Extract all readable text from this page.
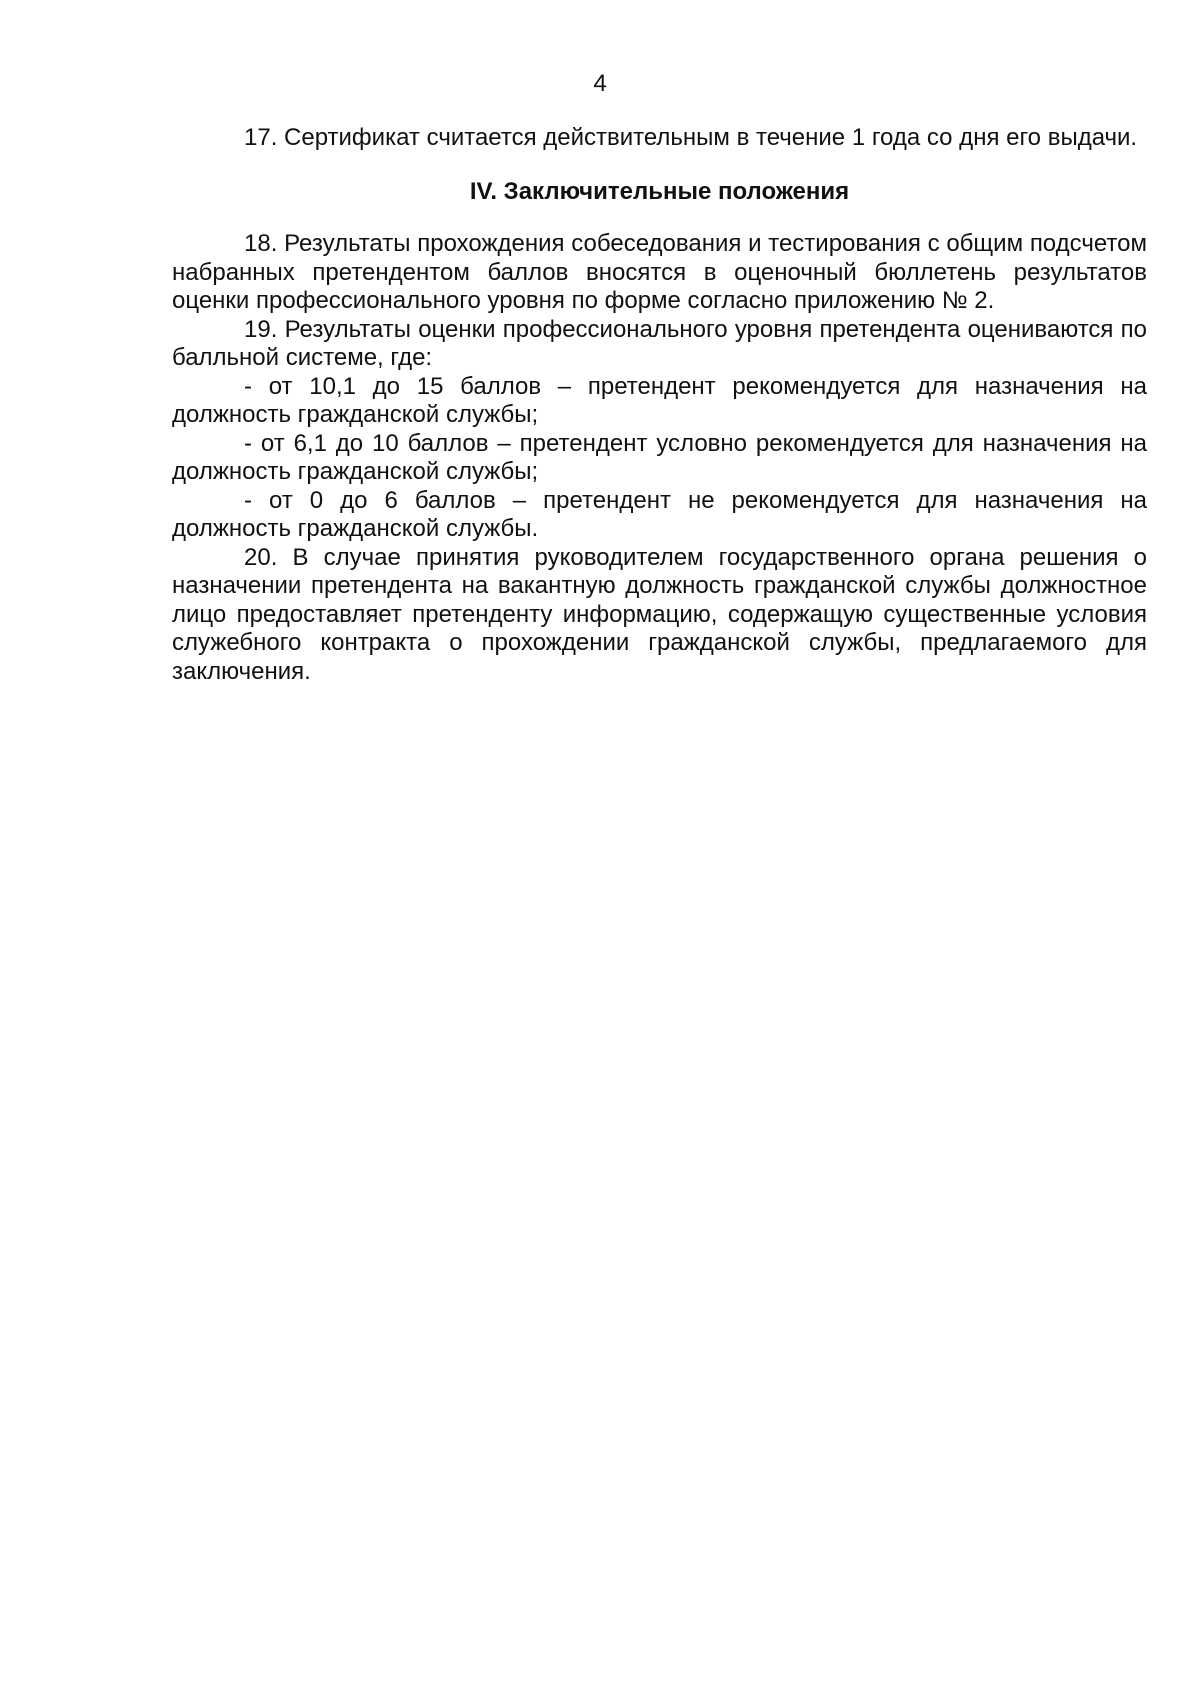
4

17. Сертификат считается действительным в течение 1 года со дня его выдачи.

IV. Заключительные положения

18. Результаты прохождения собеседования и тестирования с общим подсчетом набранных претендентом баллов вносятся в оценочный бюллетень результатов оценки профессионального уровня по форме согласно приложению № 2.

19. Результаты оценки профессионального уровня претендента оцениваются по балльной системе, где:

- от 10,1 до 15 баллов – претендент рекомендуется для назначения на должность гражданской службы;

- от 6,1 до 10 баллов – претендент условно рекомендуется для назначения на должность гражданской службы;

- от 0 до 6 баллов – претендент не рекомендуется для назначения на должность гражданской службы.

20. В случае принятия руководителем государственного органа решения о назначении претендента на вакантную должность гражданской службы должностное лицо предоставляет претенденту информацию, содержащую существенные условия служебного контракта о прохождении гражданской службы, предлагаемого для заключения.
